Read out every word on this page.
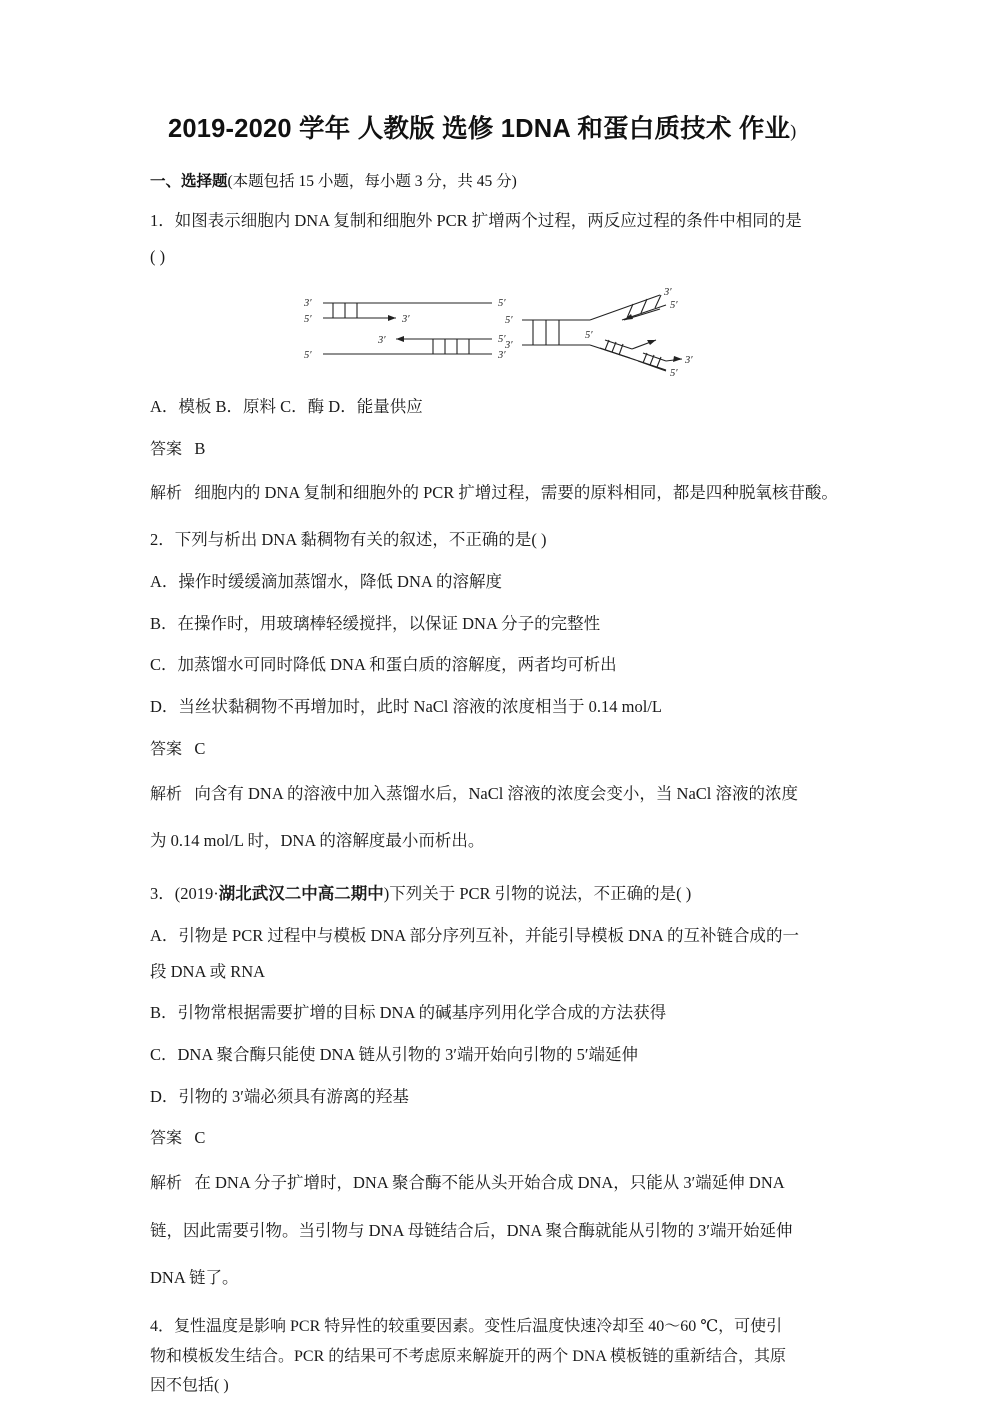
2019-2020 学年 人教版 选修 1DNA 和蛋白质技术 作业)
一、选择题(本题包括 15 小题，每小题 3 分，共 45 分)
1．如图表示细胞内 DNA 复制和细胞外 PCR 扩增两个过程，两反应过程的条件中相同的是
( )
3′
5′
5′
3′
3′	5′
5′	3′
5′
3′
5′
3′
5′
3′
5′
A．模板 B．原料 C．酶 D．能量供应
答案 B
解析 细胞内的 DNA 复制和细胞外的 PCR 扩增过程，需要的原料相同，都是四种脱氧核苷酸。
2．下列与析出 DNA 黏稠物有关的叙述，不正确的是( )
A．操作时缓缓滴加蒸馏水，降低 DNA 的溶解度
B．在操作时，用玻璃棒轻缓搅拌，以保证 DNA 分子的完整性
C．加蒸馏水可同时降低 DNA 和蛋白质的溶解度，两者均可析出
D．当丝状黏稠物不再增加时，此时 NaCl 溶液的浓度相当于 0.14 mol/L
答案 C
解析 向含有 DNA 的溶液中加入蒸馏水后，NaCl 溶液的浓度会变小，当 NaCl 溶液的浓度
为 0.14 mol/L 时，DNA 的溶解度最小而析出。
3．(2019·湖北武汉二中高二期中)下列关于 PCR 引物的说法，不正确的是( )
A．引物是 PCR 过程中与模板 DNA 部分序列互补，并能引导模板 DNA 的互补链合成的一
段 DNA 或 RNA
B．引物常根据需要扩增的目标 DNA 的碱基序列用化学合成的方法获得
C．DNA 聚合酶只能使 DNA 链从引物的 3′端开始向引物的 5′端延伸
D．引物的 3′端必须具有游离的羟基
答案 C
解析 在 DNA 分子扩增时，DNA 聚合酶不能从头开始合成 DNA，只能从 3′端延伸 DNA
链，因此需要引物。当引物与 DNA 母链结合后，DNA 聚合酶就能从引物的 3′端开始延伸
DNA 链了。
4．复性温度是影响 PCR 特异性的较重要因素。变性后温度快速冷却至 40～60 ℃，可使引
物和模板发生结合。PCR 的结果可不考虑原来解旋开的两个 DNA 模板链的重新结合，其原
因不包括( )
